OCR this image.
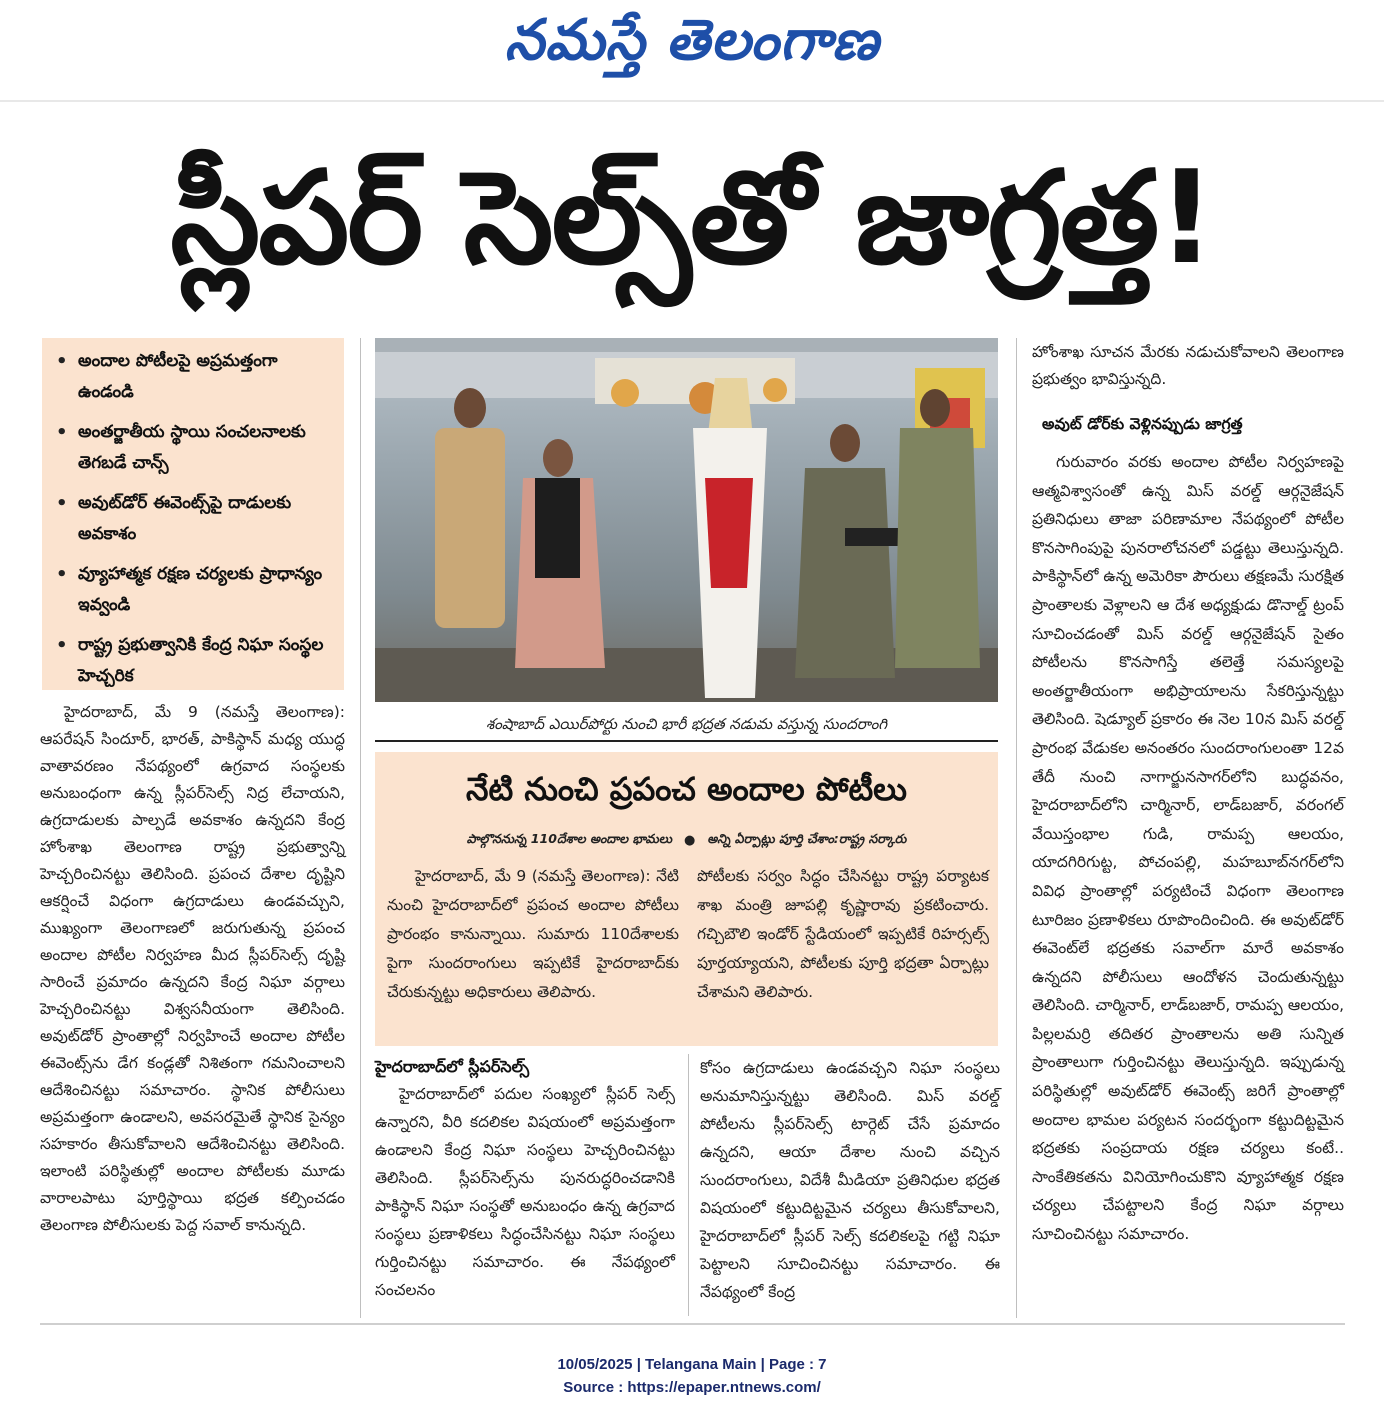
నమస్తే తెలంగాణ
స్లీపర్ సెల్స్‌తో జాగ్రత్త!
• అందాల పోటీలపై అప్రమత్తంగా ఉండండి
• అంతర్జాతీయ స్థాయి సంచలనాలకు తెగబడే చాన్స్
• అవుట్‌డోర్ ఈవెంట్స్‌పై దాడులకు అవకాశం
• వ్యూహాత్మక రక్షణ చర్యలకు ప్రాధాన్యం ఇవ్వండి
• రాష్ట్ర ప్రభుత్వానికి కేంద్ర నిఘా సంస్థల హెచ్చరిక
శంషాబాద్ ఎయిర్‌పోర్టు నుంచి భారీ భద్రత నడుమ వస్తున్న సుందరాంగి
నేటి నుంచి ప్రపంచ అందాల పోటీలు
పాల్గొననున్న 110దేశాల అందాల భామలు ● అన్ని ఏర్పాట్లు పూర్తి చేశాం:రాష్ట్ర సర్కారు
హైదరాబాద్, మే 9 (నమస్తే తెలంగాణ): నేటి నుంచి హైదరాబాద్‌లో ప్రపంచ అందాల పోటీలు ప్రారంభం కానున్నాయి. సుమారు 110దేశాలకు పైగా సుందరాంగులు ఇప్పటికే హైదరాబాద్‌కు చేరుకున్నట్టు అధికారులు తెలిపారు.
పోటీలకు సర్వం సిద్ధం చేసినట్టు రాష్ట్ర పర్యాటక శాఖ మంత్రి జూపల్లి కృష్ణారావు ప్రకటించారు. గచ్చిబౌలి ఇండోర్ స్టేడియంలో ఇప్పటికే రిహర్సల్స్ పూర్తయ్యాయని, పోటీలకు పూర్తి భద్రతా ఏర్పాట్లు చేశామని తెలిపారు.
హైదరాబాద్, మే 9 (నమస్తే తెలంగాణ): ఆపరేషన్ సిందూర్, భారత్, పాకిస్థాన్ మధ్య యుద్ధ వాతావరణం నేపథ్యంలో ఉగ్రవాద సంస్థలకు అనుబంధంగా ఉన్న స్లీపర్‌సెల్స్ నిద్ర లేచాయని, ఉగ్రదాడులకు పాల్పడే అవకాశం ఉన్నదని కేంద్ర హోంశాఖ తెలంగాణ రాష్ట్ర ప్రభుత్వాన్ని హెచ్చరించినట్టు తెలిసింది. ప్రపంచ దేశాల దృష్టిని ఆకర్షించే విధంగా ఉగ్రదాడులు ఉండవచ్చుని, ముఖ్యంగా తెలంగాణలో జరుగుతున్న ప్రపంచ అందాల పోటీల నిర్వహణ మీద స్లీపర్‌సెల్స్ దృష్టి సారించే ప్రమాదం ఉన్నదని కేంద్ర నిఘా వర్గాలు హెచ్చరించినట్టు విశ్వసనీయంగా తెలిసింది. అవుట్‌డోర్ ప్రాంతాల్లో నిర్వహించే అందాల పోటీల ఈవెంట్స్‌ను డేగ కండ్లతో నిశితంగా గమనించాలని ఆదేశించినట్టు సమాచారం. స్థానిక పోలీసులు అప్రమత్తంగా ఉండాలని, అవసరమైతే స్థానిక సైన్యం సహకారం తీసుకోవాలని ఆదేశించినట్టు తెలిసింది. ఇలాంటి పరిస్థితుల్లో అందాల పోటీలకు మూడు వారాలపాటు పూర్తిస్థాయి భద్రత కల్పించడం తెలంగాణ పోలీసులకు పెద్ద సవాల్ కానున్నది.
హైదరాబాద్‌లో స్లీపర్‌సెల్స్
హైదరాబాద్‌లో పదుల సంఖ్యలో స్లీపర్ సెల్స్ ఉన్నారని, వీరి కదలికల విషయంలో అప్రమత్తంగా ఉండాలని కేంద్ర నిఘా సంస్థలు హెచ్చరించినట్టు తెలిసింది. స్లీపర్‌సెల్స్‌ను పునరుద్ధరించడానికి పాకిస్థాన్ నిఘా సంస్థతో అనుబంధం ఉన్న ఉగ్రవాద సంస్థలు ప్రణాళికలు సిద్ధంచేసినట్టు నిఘా సంస్థలు గుర్తించినట్టు సమాచారం. ఈ నేపథ్యంలో సంచలనం
కోసం ఉగ్రదాడులు ఉండవచ్చని నిఘా సంస్థలు అనుమానిస్తున్నట్టు తెలిసింది. మిస్ వరల్డ్ పోటీలను స్లీపర్‌సెల్స్ టార్గెట్ చేసే ప్రమాదం ఉన్నదని, ఆయా దేశాల నుంచి వచ్చిన సుందరాంగులు, విదేశీ మీడియా ప్రతినిధుల భద్రత విషయంలో కట్టుదిట్టమైన చర్యలు తీసుకోవాలని, హైదరాబాద్‌లో స్లీపర్ సెల్స్ కదలికలపై గట్టి నిఘా పెట్టాలని సూచించినట్టు సమాచారం. ఈ నేపథ్యంలో కేంద్ర
హోంశాఖ సూచన మేరకు నడుచుకోవాలని తెలంగాణ ప్రభుత్వం భావిస్తున్నది.
అవుట్ డోర్‌కు వెళ్లినప్పుడు జాగ్రత్త
గురువారం వరకు అందాల పోటీల నిర్వహణపై ఆత్మవిశ్వాసంతో ఉన్న మిస్ వరల్డ్ ఆర్గనైజేషన్ ప్రతినిధులు తాజా పరిణామాల నేపథ్యంలో పోటీల కొనసాగింపుపై పునరాలోచనలో పడ్డట్టు తెలుస్తున్నది. పాకిస్థాన్‌లో ఉన్న అమెరికా పౌరులు తక్షణమే సురక్షిత ప్రాంతాలకు వెళ్లాలని ఆ దేశ అధ్యక్షుడు డొనాల్డ్ ట్రంప్ సూచించడంతో మిస్ వరల్డ్ ఆర్గనైజేషన్ సైతం పోటీలను కొనసాగిస్తే తలెత్తే సమస్యలపై అంతర్జాతీయంగా అభిప్రాయాలను సేకరిస్తున్నట్టు తెలిసింది. షెడ్యూల్ ప్రకారం ఈ నెల 10న మిస్ వరల్డ్ ప్రారంభ వేడుకల అనంతరం సుందరాంగులంతా 12వ తేదీ నుంచి నాగార్జునసాగర్‌లోని బుద్ధవనం, హైదరాబాద్‌లోని చార్మినార్, లాడ్‌బజార్, వరంగల్ వేయిస్తంభాల గుడి, రామప్ప ఆలయం, యాదగిరిగుట్ట, పోచంపల్లి, మహబూబ్‌నగర్‌లోని వివిధ ప్రాంతాల్లో పర్యటించే విధంగా తెలంగాణ టూరిజం ప్రణాళికలు రూపొందించింది. ఈ అవుట్‌డోర్ ఈవెంట్‌లే భద్రతకు సవాల్‌గా మారే అవకాశం ఉన్నదని పోలీసులు ఆందోళన చెందుతున్నట్టు తెలిసింది. చార్మినార్, లాడ్‌బజార్, రామప్ప ఆలయం, పిల్లలమర్రి తదితర ప్రాంతాలను అతి సున్నిత ప్రాంతాలుగా గుర్తించినట్టు తెలుస్తున్నది. ఇప్పుడున్న పరిస్థితుల్లో అవుట్‌డోర్ ఈవెంట్స్ జరిగే ప్రాంతాల్లో అందాల భామల పర్యటన సందర్భంగా కట్టుదిట్టమైన భద్రతకు సంప్రదాయ రక్షణ చర్యలు కంటే.. సాంకేతికతను వినియోగించుకొని వ్యూహాత్మక రక్షణ చర్యలు చేపట్టాలని కేంద్ర నిఘా వర్గాలు సూచించినట్టు సమాచారం.
10/05/2025 | Telangana Main | Page : 7
Source : https://epaper.ntnews.com/
